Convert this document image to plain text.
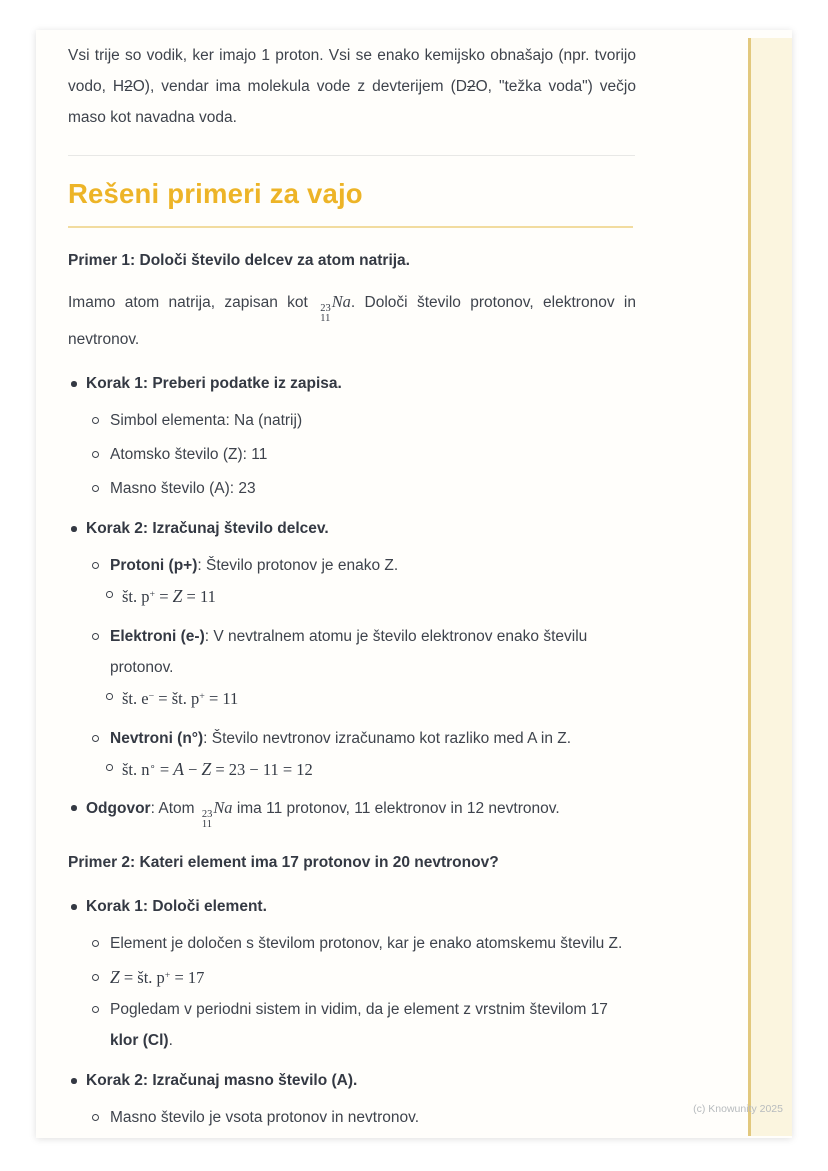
Vsi trije so vodik, ker imajo 1 proton. Vsi se enako kemijsko obnašajo (npr. tvorijo vodo, H2O), vendar ima molekula vode z devterijem (D2O, "težka voda") večjo maso kot navadna voda.

Rešeni primeri za vajo

Primer 1: Določi število delcev za atom natrija.

Imamo atom natrija, zapisan kot 23
11
Na. Določi število protonov, elektronov in nevtronov.

Korak 1: Preberi podatke iz zapisa.
Simbol elementa: Na (natrij)
Atomsko število (Z): 11
Masno število (A): 23
Korak 2: Izračunaj število delcev.
Protoni (p+): Število protonov je enako Z.
št. p+ = Z = 11
Elektroni (e-): V nevtralnem atomu je število elektronov enako številu protonov.
št. e− = št. p+ = 11
Nevtroni (n°): Število nevtronov izračunamo kot razliko med A in Z.
št. n∘ = A − Z = 23 − 11 = 12
Odgovor: Atom 23
11
Na ima 11 protonov, 11 elektronov in 12 nevtronov.

Primer 2: Kateri element ima 17 protonov in 20 nevtronov?

Korak 1: Določi element.
Element je določen s številom protonov, kar je enako atomskemu številu Z.
Z = št. p+ = 17
Pogledam v periodni sistem in vidim, da je element z vrstnim številom 17 klor (Cl).
Korak 2: Izračunaj masno število (A).
Masno število je vsota protonov in nevtronov.	(c) Knowunity 2025
